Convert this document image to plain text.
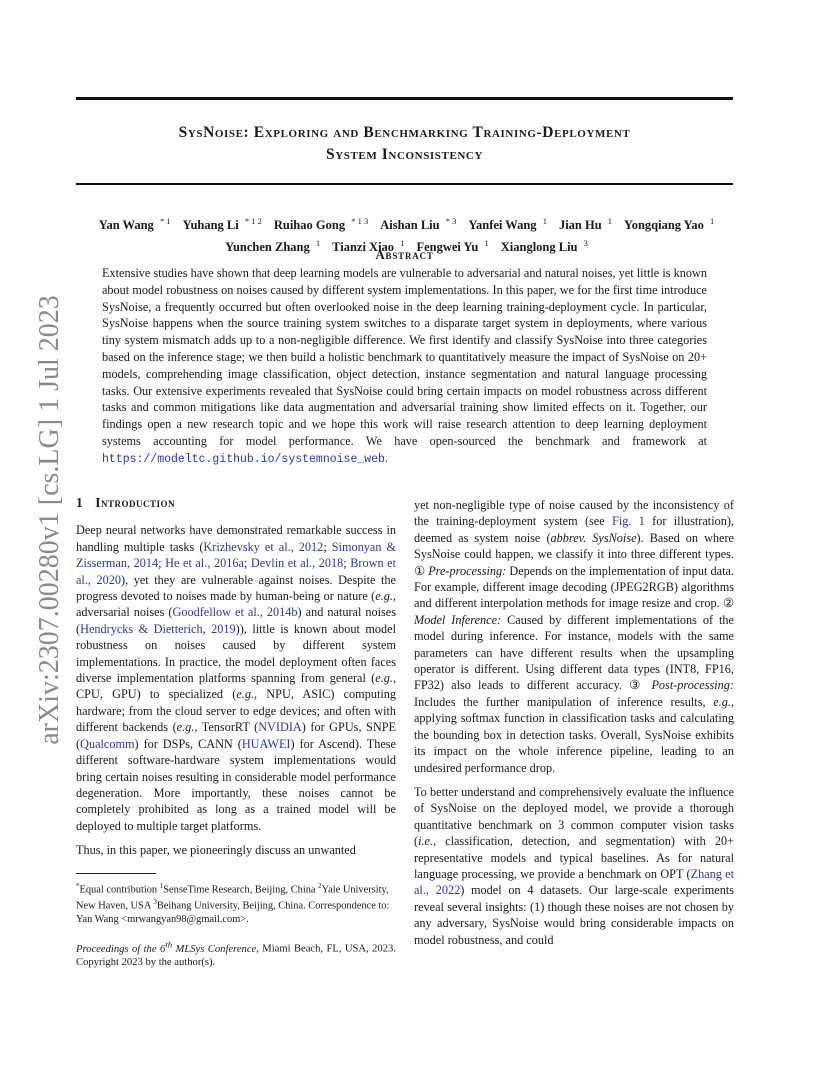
arXiv:2307.00280v1 [cs.LG] 1 Jul 2023
SysNoise: Exploring and Benchmarking Training-Deployment
System Inconsistency
Yan Wang $^{* 1}$ Yuhang Li $^{* 1 2}$ Ruihao Gong $^{* 1 3}$ Aishan Liu $^{* 3}$ Yanfei Wang $^1$ Jian Hu $^1$ Yongqiang Yao $^1$
Yunchen Zhang $^1$ Tianzi Xiao $^1$ Fengwei Yu $^1$ Xianglong Liu $^3$
Abstract
Extensive studies have shown that deep learning models are vulnerable to adversarial and natural noises, yet little is known about model robustness on noises caused by different system implementations. In this paper, we for the first time introduce SysNoise, a frequently occurred but often overlooked noise in the deep learning training-deployment cycle. In particular, SysNoise happens when the source training system switches to a disparate target system in deployments, where various tiny system mismatch adds up to a non-negligible difference. We first identify and classify SysNoise into three categories based on the inference stage; we then build a holistic benchmark to quantitatively measure the impact of SysNoise on 20+ models, comprehending image classification, object detection, instance segmentation and natural language processing tasks. Our extensive experiments revealed that SysNoise could bring certain impacts on model robustness across different tasks and common mitigations like data augmentation and adversarial training show limited effects on it. Together, our findings open a new research topic and we hope this work will raise research attention to deep learning deployment systems accounting for model performance. We have open-sourced the benchmark and framework at https://modeltc.github.io/systemnoise_web.
1 Introduction

Deep neural networks have demonstrated remarkable success in handling multiple tasks (Krizhevsky et al., 2012; Simonyan & Zisserman, 2014; He et al., 2016a; Devlin et al., 2018; Brown et al., 2020), yet they are vulnerable against noises. Despite the progress devoted to noises made by human-being or nature (e.g., adversarial noises (Goodfellow et al., 2014b) and natural noises (Hendrycks & Dietterich, 2019)), little is known about model robustness on noises caused by different system implementations. In practice, the model deployment often faces diverse implementation platforms spanning from general (e.g., CPU, GPU) to specialized (e.g., NPU, ASIC) computing hardware; from the cloud server to edge devices; and often with different backends (e.g., TensorRT (NVIDIA) for GPUs, SNPE (Qualcomm) for DSPs, CANN (HUAWEI) for Ascend). These different software-hardware system implementations would bring certain noises resulting in considerable model performance degeneration. More importantly, these noises cannot be completely prohibited as long as a trained model will be deployed to multiple target platforms.

Thus, in this paper, we pioneeringly discuss an unwanted

*Equal contribution $^1$SenseTime Research, Beijing, China $^2$Yale University, New Haven, USA $^3$Beihang University, Beijing, China. Correspondence to: Yan Wang <mrwangyan98@gmail.com>.
Proceedings of the 6th MLSys Conference, Miami Beach, FL, USA, 2023. Copyright 2023 by the author(s).

yet non-negligible type of noise caused by the inconsistency of the training-deployment system (see Fig. 1 for illustration), deemed as system noise (abbrev. SysNoise). Based on where SysNoise could happen, we classify it into three different types. ① Pre-processing: Depends on the implementation of input data. For example, different image decoding (JPEG2RGB) algorithms and different interpolation methods for image resize and crop. ② Model Inference: Caused by different implementations of the model during inference. For instance, models with the same parameters can have different results when the upsampling operator is different. Using different data types (INT8, FP16, FP32) also leads to different accuracy. ③ Post-processing: Includes the further manipulation of inference results, e.g., applying softmax function in classification tasks and calculating the bounding box in detection tasks. Overall, SysNoise exhibits its impact on the whole inference pipeline, leading to an undesired performance drop.

To better understand and comprehensively evaluate the influence of SysNoise on the deployed model, we provide a thorough quantitative benchmark on 3 common computer vision tasks (i.e., classification, detection, and segmentation) with 20+ representative models and typical baselines. As for natural language processing, we provide a benchmark on OPT (Zhang et al., 2022) model on 4 datasets. Our large-scale experiments reveal several insights: (1) though these noises are not chosen by any adversary, SysNoise would bring considerable impacts on model robustness, and could
